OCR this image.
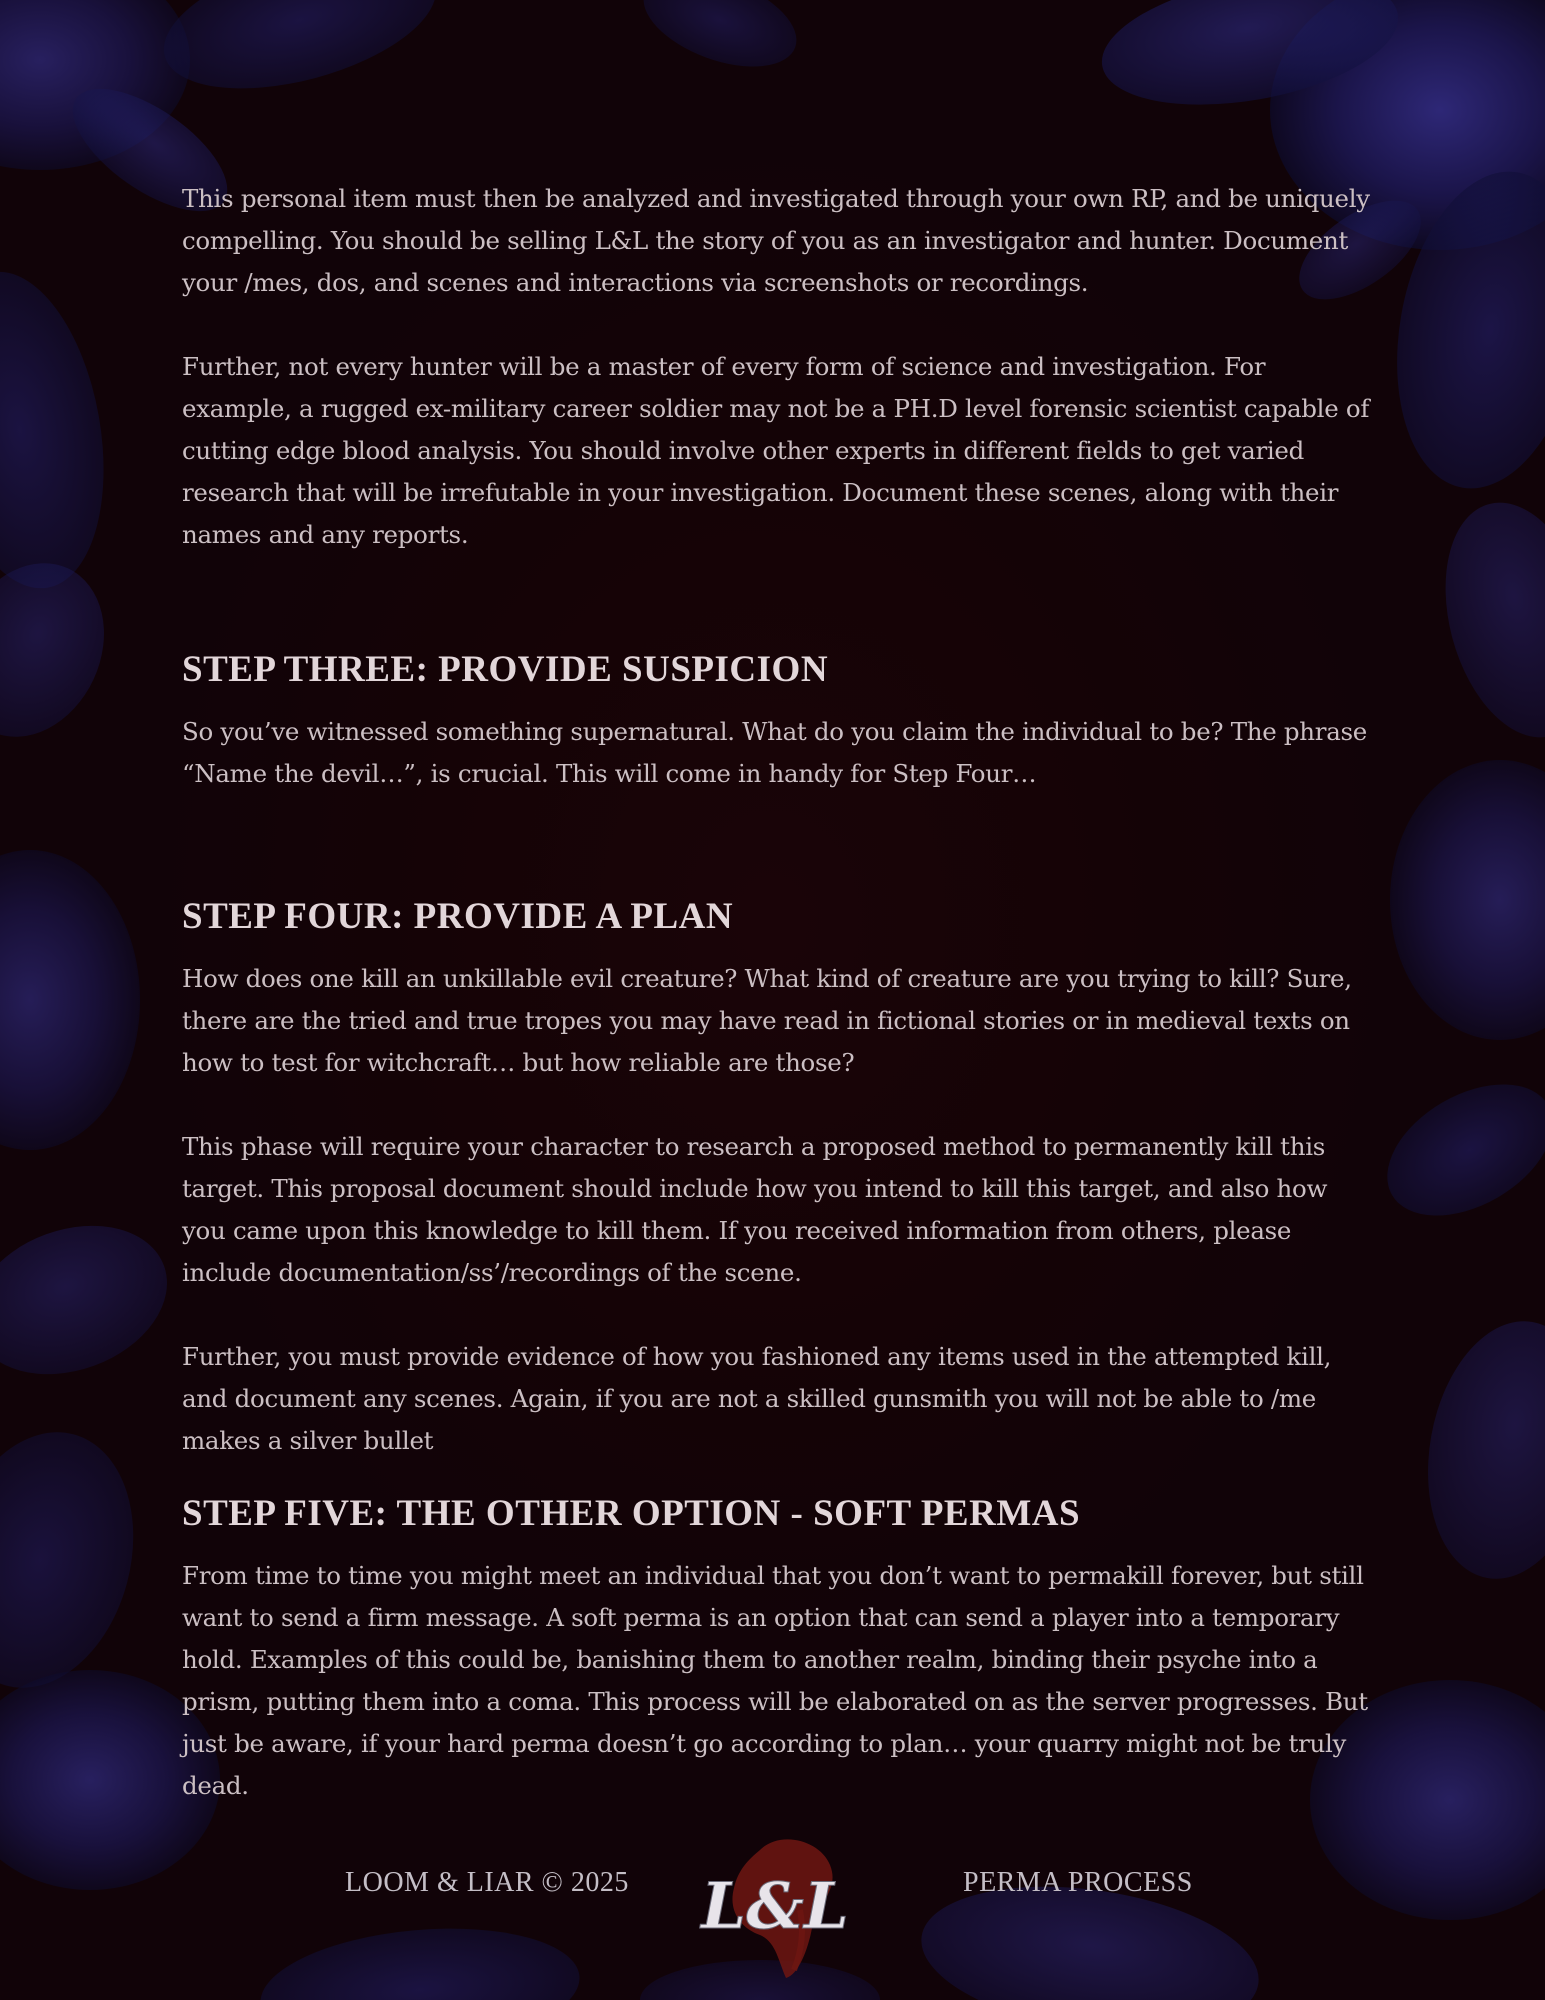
This personal item must then be analyzed and investigated through your own RP, and be uniquely compelling. You should be selling L&L the story of you as an investigator and hunter. Document your /mes, dos, and scenes and interactions via screenshots or recordings.

Further, not every hunter will be a master of every form of science and investigation. For example, a rugged ex-military career soldier may not be a PH.D level forensic scientist capable of cutting edge blood analysis. You should involve other experts in different fields to get varied research that will be irrefutable in your investigation. Document these scenes, along with their names and any reports.

STEP THREE: PROVIDE SUSPICION

So you’ve witnessed something supernatural. What do you claim the individual to be? The phrase “Name the devil…”, is crucial. This will come in handy for Step Four…

STEP FOUR: PROVIDE A PLAN

How does one kill an unkillable evil creature? What kind of creature are you trying to kill? Sure, there are the tried and true tropes you may have read in fictional stories or in medieval texts on how to test for witchcraft… but how reliable are those?

This phase will require your character to research a proposed method to permanently kill this target. This proposal document should include how you intend to kill this target, and also how you came upon this knowledge to kill them. If you received information from others, please include documentation/ss’/recordings of the scene.

Further, you must provide evidence of how you fashioned any items used in the attempted kill, and document any scenes. Again, if you are not a skilled gunsmith you will not be able to /me makes a silver bullet

STEP FIVE: THE OTHER OPTION - SOFT PERMAS

From time to time you might meet an individual that you don’t want to permakill forever, but still want to send a firm message. A soft perma is an option that can send a player into a temporary hold. Examples of this could be, banishing them to another realm, binding their psyche into a prism, putting them into a coma. This process will be elaborated on as the server progresses. But just be aware, if your hard perma doesn’t go according to plan… your quarry might not be truly dead.

LOOM & LIAR © 2025 L&L	PERMA PROCESS
